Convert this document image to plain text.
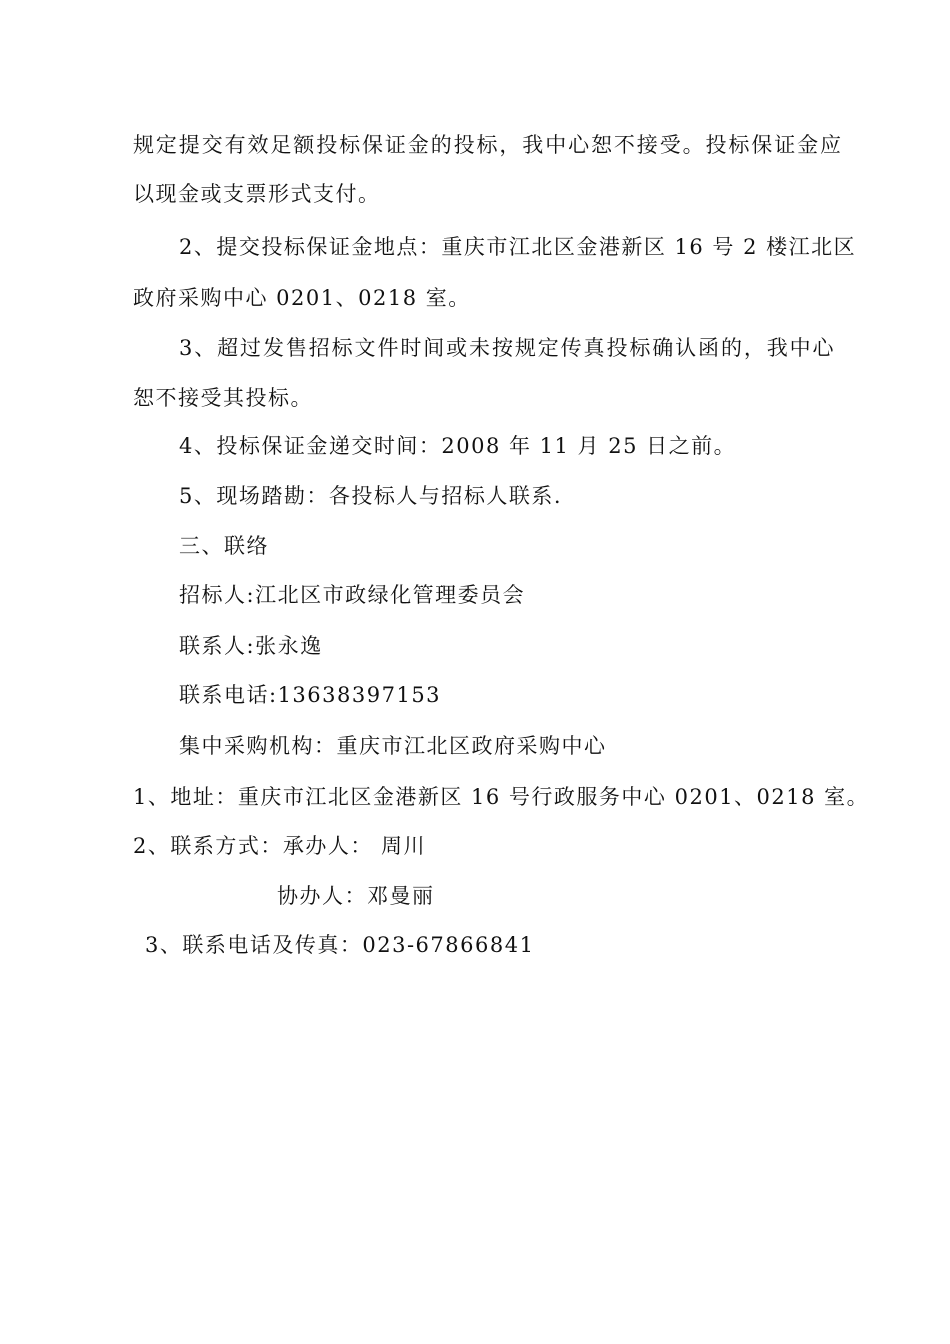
规定提交有效足额投标保证金的投标，我中心恕不接受。投标保证金应
以现金或支票形式支付。
2、提交投标保证金地点：重庆市江北区金港新区 16 号 2 楼江北区
政府采购中心 0201、0218 室。
3、超过发售招标文件时间或未按规定传真投标确认函的，我中心
恕不接受其投标。
4、投标保证金递交时间：2008 年 11 月 25 日之前。
5、现场踏勘：各投标人与招标人联系.
三、联络
招标人:江北区市政绿化管理委员会
联系人:张永逸
联系电话:13638397153
集中采购机构：重庆市江北区政府采购中心
1、地址：重庆市江北区金港新区 16 号行政服务中心 0201、0218 室。
2、联系方式：承办人： 周川
协办人：邓曼丽
3、联系电话及传真：023-67866841
